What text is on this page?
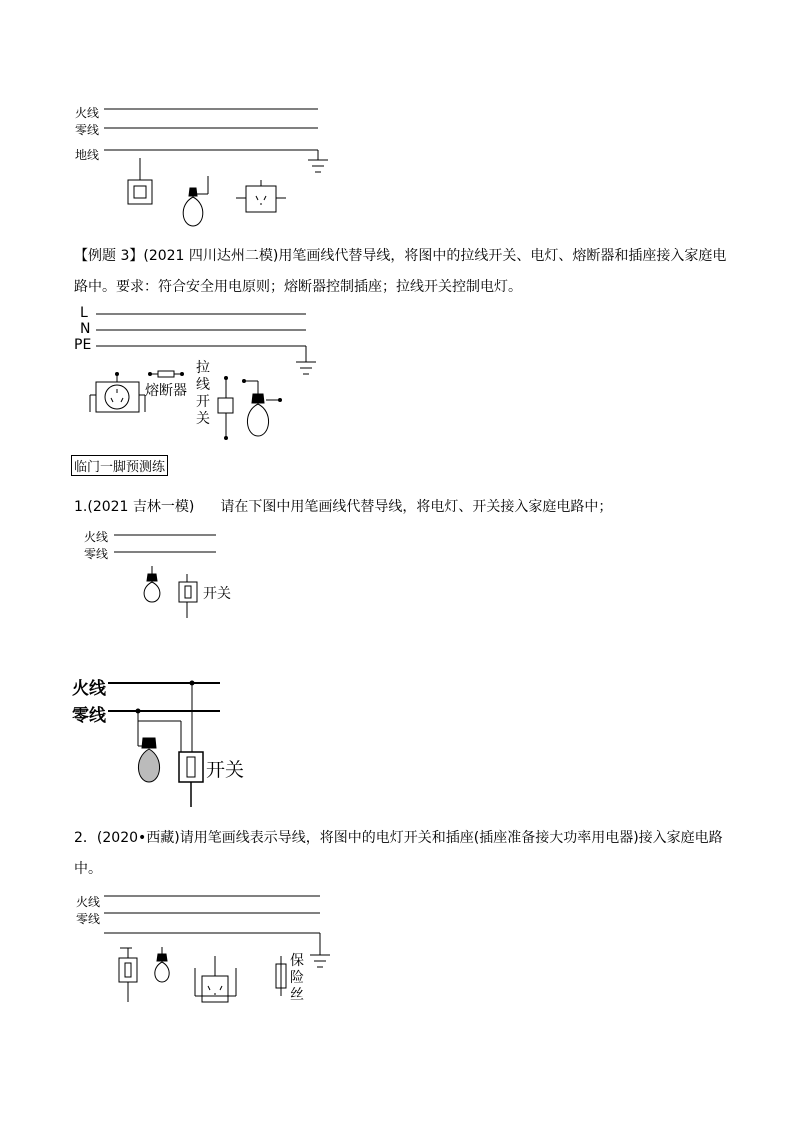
火线
零线
地线
【例题 3】(2021 四川达州二模)用笔画线代替导线，将图中的拉线开关、电灯、熔断器和插座接入家庭电
路中。要求：符合安全用电原则；熔断器控制插座；拉线开关控制电灯。
L
N
PE
熔断器
拉
线
开
关
临门一脚预测练
1.(2021 吉林一模) 请在下图中用笔画线代替导线，将电灯、开关接入家庭电路中；
火线
零线
开关
火线
零线
开关
2．(2020•西藏)请用笔画线表示导线，将图中的电灯开关和插座(插座准备接大功率用电器)接入家庭电路
中。
火线
零线
保
险
丝
